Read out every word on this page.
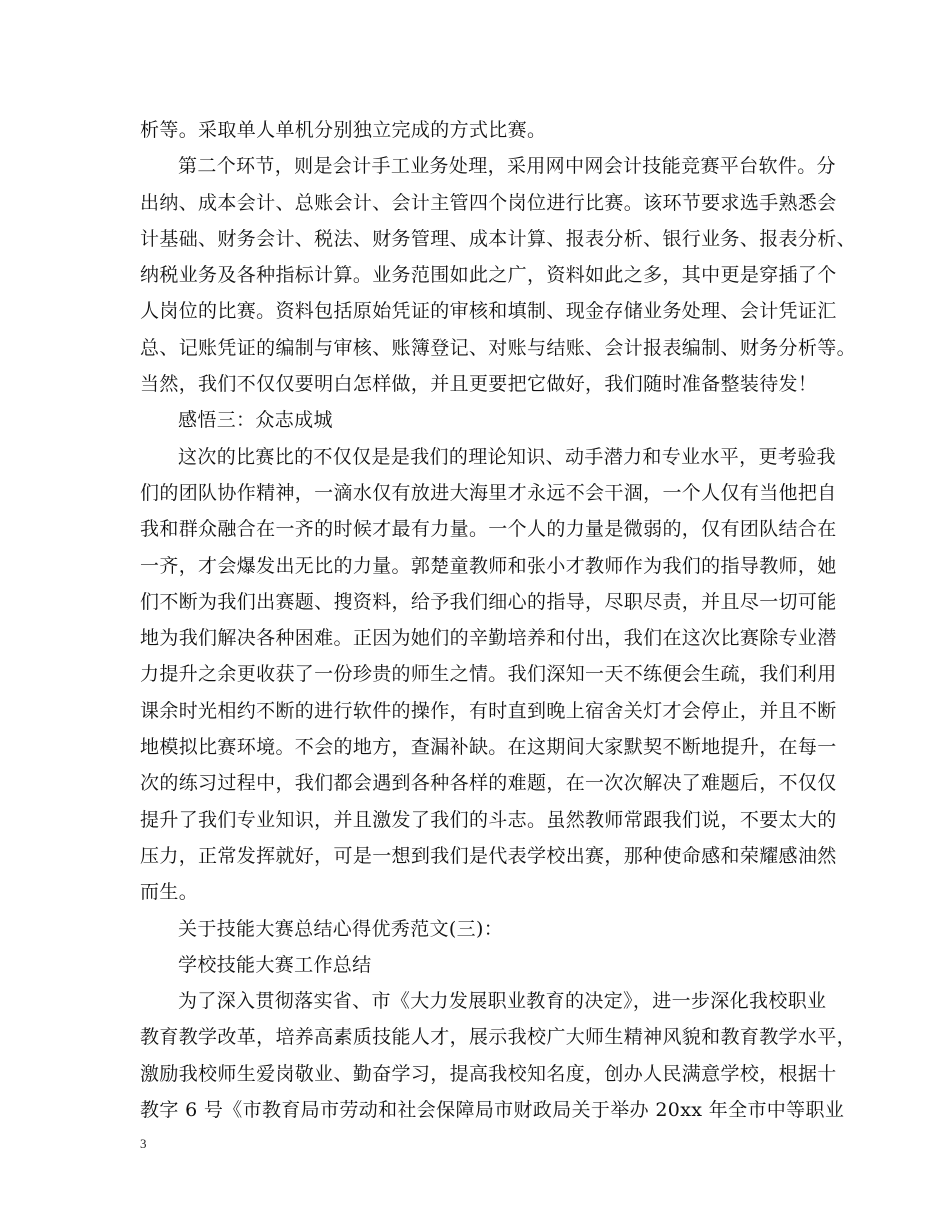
析等。采取单人单机分别独立完成的方式比赛。
第二个环节，则是会计手工业务处理，采用网中网会计技能竞赛平台软件。分
出纳、成本会计、总账会计、会计主管四个岗位进行比赛。该环节要求选手熟悉会
计基础、财务会计、税法、财务管理、成本计算、报表分析、银行业务、报表分析、
纳税业务及各种指标计算。业务范围如此之广，资料如此之多，其中更是穿插了个
人岗位的比赛。资料包括原始凭证的审核和填制、现金存储业务处理、会计凭证汇
总、记账凭证的编制与审核、账簿登记、对账与结账、会计报表编制、财务分析等。
当然，我们不仅仅要明白怎样做，并且更要把它做好，我们随时准备整装待发！
感悟三：众志成城
这次的比赛比的不仅仅是是我们的理论知识、动手潜力和专业水平，更考验我
们的团队协作精神，一滴水仅有放进大海里才永远不会干涸，一个人仅有当他把自
我和群众融合在一齐的时候才最有力量。一个人的力量是微弱的，仅有团队结合在
一齐，才会爆发出无比的力量。郭楚童教师和张小才教师作为我们的指导教师，她
们不断为我们出赛题、搜资料，给予我们细心的指导，尽职尽责，并且尽一切可能
地为我们解决各种困难。正因为她们的辛勤培养和付出，我们在这次比赛除专业潜
力提升之余更收获了一份珍贵的师生之情。我们深知一天不练便会生疏，我们利用
课余时光相约不断的进行软件的操作，有时直到晚上宿舍关灯才会停止，并且不断
地模拟比赛环境。不会的地方，查漏补缺。在这期间大家默契不断地提升，在每一
次的练习过程中，我们都会遇到各种各样的难题，在一次次解决了难题后，不仅仅
提升了我们专业知识，并且激发了我们的斗志。虽然教师常跟我们说，不要太大的
压力，正常发挥就好，可是一想到我们是代表学校出赛，那种使命感和荣耀感油然
而生。
关于技能大赛总结心得优秀范文(三)：
学校技能大赛工作总结
为了深入贯彻落实省、市《大力发展职业教育的决定》，进一步深化我校职业
教育教学改革，培养高素质技能人才，展示我校广大师生精神风貌和教育教学水平，
激励我校师生爱岗敬业、勤奋学习，提高我校知名度，创办人民满意学校，根据十
教字 6 号《市教育局市劳动和社会保障局市财政局关于举办 20xx 年全市中等职业
3
